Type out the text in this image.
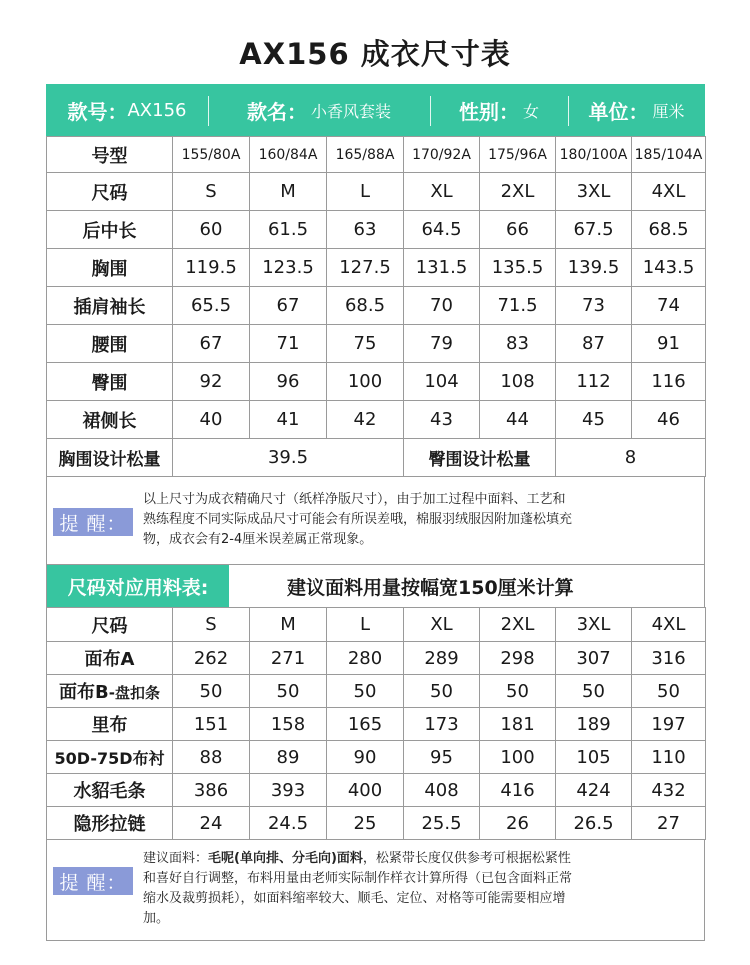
AX156 成衣尺寸表
款号： AX156	款名： 小香风套装	性别： 女 单位： 厘米
号型	155/80A	160/84A	165/88A	170/92A	175/96A	180/100A	185/104A
尺码	S	M	L	XL	2XL	3XL	4XL
后中长	60	61.5	63	64.5	66	67.5	68.5
胸围	119.5	123.5	127.5	131.5	135.5	139.5	143.5
插肩袖长	65.5	67	68.5	70	71.5	73	74
腰围	67	71	75	79	83	87	91
臀围	92	96	100	104	108	112	116
裙侧长	40	41	42	43	44	45	46
胸围设计松量	39.5			臀围设计松量		8	
提 醒：
以上尺寸为成衣精确尺寸（纸样净版尺寸），由于加工过程中面料、工艺和
熟练程度不同实际成品尺寸可能会有所误差哦，棉服羽绒服因附加蓬松填充
物，成衣会有2-4厘米误差属正常现象。
尺码对应用料表:	建议面料用量按幅宽150厘米计算
尺码	S	M	L	XL	2XL	3XL	4XL
面布A	262	271	280	289	298	307	316
面布B-盘扣条	50	50	50	50	50	50	50
里布	151	158	165	173	181	189	197
50D-75D布衬	88	89	90	95	100	105	110
水貂毛条	386	393	400	408	416	424	432
隐形拉链	24	24.5	25	25.5	26	26.5	27
提 醒：
建议面料：毛呢(单向排、分毛向)面料，松紧带长度仅供参考可根据松紧性
和喜好自行调整，布料用量由老师实际制作样衣计算所得（已包含面料正常
缩水及裁剪损耗），如面料缩率较大、顺毛、定位、对格等可能需要相应增
加。
